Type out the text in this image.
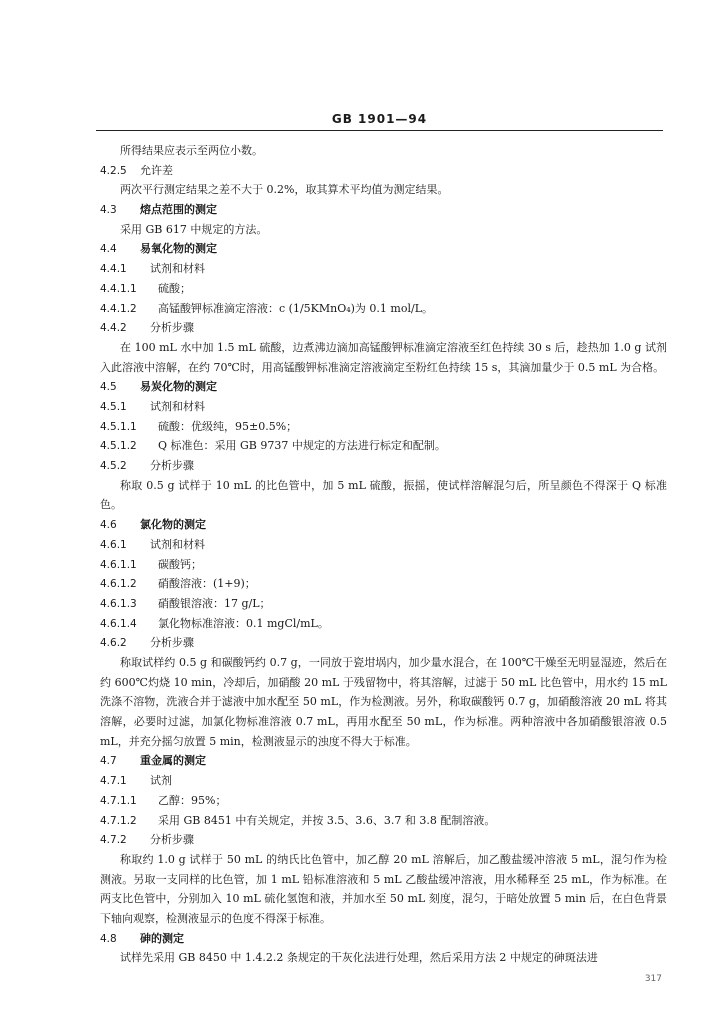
GB 1901—94
所得结果应表示至两位小数。
4.2.5 允许差
两次平行测定结果之差不大于 0.2%，取其算术平均值为测定结果。
4.3 熔点范围的测定
采用 GB 617 中规定的方法。
4.4 易氧化物的测定
4.4.1 试剂和材料
4.4.1.1 硫酸；
4.4.1.2 高锰酸钾标准滴定溶液：c (1/5KMnO₄)为 0.1 mol/L。
4.4.2 分析步骤
在 100 mL 水中加 1.5 mL 硫酸，边煮沸边滴加高锰酸钾标准滴定溶液至红色持续 30 s 后，趁热加 1.0 g 试剂入此溶液中溶解，在约 70℃时，用高锰酸钾标准滴定溶液滴定至粉红色持续 15 s，其滴加量少于 0.5 mL 为合格。
4.5 易炭化物的测定
4.5.1 试剂和材料
4.5.1.1 硫酸：优级纯，95±0.5%；
4.5.1.2 Q 标准色：采用 GB 9737 中规定的方法进行标定和配制。
4.5.2 分析步骤
称取 0.5 g 试样于 10 mL 的比色管中，加 5 mL 硫酸，振摇，使试样溶解混匀后，所呈颜色不得深于 Q 标准色。
4.6 氯化物的测定
4.6.1 试剂和材料
4.6.1.1 碳酸钙；
4.6.1.2 硝酸溶液：(1+9)；
4.6.1.3 硝酸银溶液：17 g/L；
4.6.1.4 氯化物标准溶液：0.1 mgCl/mL。
4.6.2 分析步骤
称取试样约 0.5 g 和碳酸钙约 0.7 g，一同放于瓷坩埚内，加少量水混合，在 100℃干燥至无明显湿迹，然后在约 600℃灼烧 10 min，冷却后，加硝酸 20 mL 于残留物中，将其溶解，过滤于 50 mL 比色管中，用水约 15 mL 洗涤不溶物，洗液合并于滤液中加水配至 50 mL，作为检测液。另外，称取碳酸钙 0.7 g，加硝酸溶液 20 mL 将其溶解，必要时过滤，加氯化物标准溶液 0.7 mL，再用水配至 50 mL，作为标准。两种溶液中各加硝酸银溶液 0.5 mL，并充分摇匀放置 5 min，检测液显示的浊度不得大于标准。
4.7 重金属的测定
4.7.1 试剂
4.7.1.1 乙醇：95%；
4.7.1.2 采用 GB 8451 中有关规定，并按 3.5、3.6、3.7 和 3.8 配制溶液。
4.7.2 分析步骤
称取约 1.0 g 试样于 50 mL 的纳氏比色管中，加乙醇 20 mL 溶解后，加乙酸盐缓冲溶液 5 mL，混匀作为检测液。另取一支同样的比色管，加 1 mL 铅标准溶液和 5 mL 乙酸盐缓冲溶液，用水稀释至 25 mL，作为标准。在两支比色管中，分别加入 10 mL 硫化氢饱和液，并加水至 50 mL 刻度，混匀，于暗处放置 5 min 后，在白色背景下轴向观察，检测液显示的色度不得深于标准。
4.8 砷的测定
试样先采用 GB 8450 中 1.4.2.2 条规定的干灰化法进行处理，然后采用方法 2 中规定的砷斑法进
317
